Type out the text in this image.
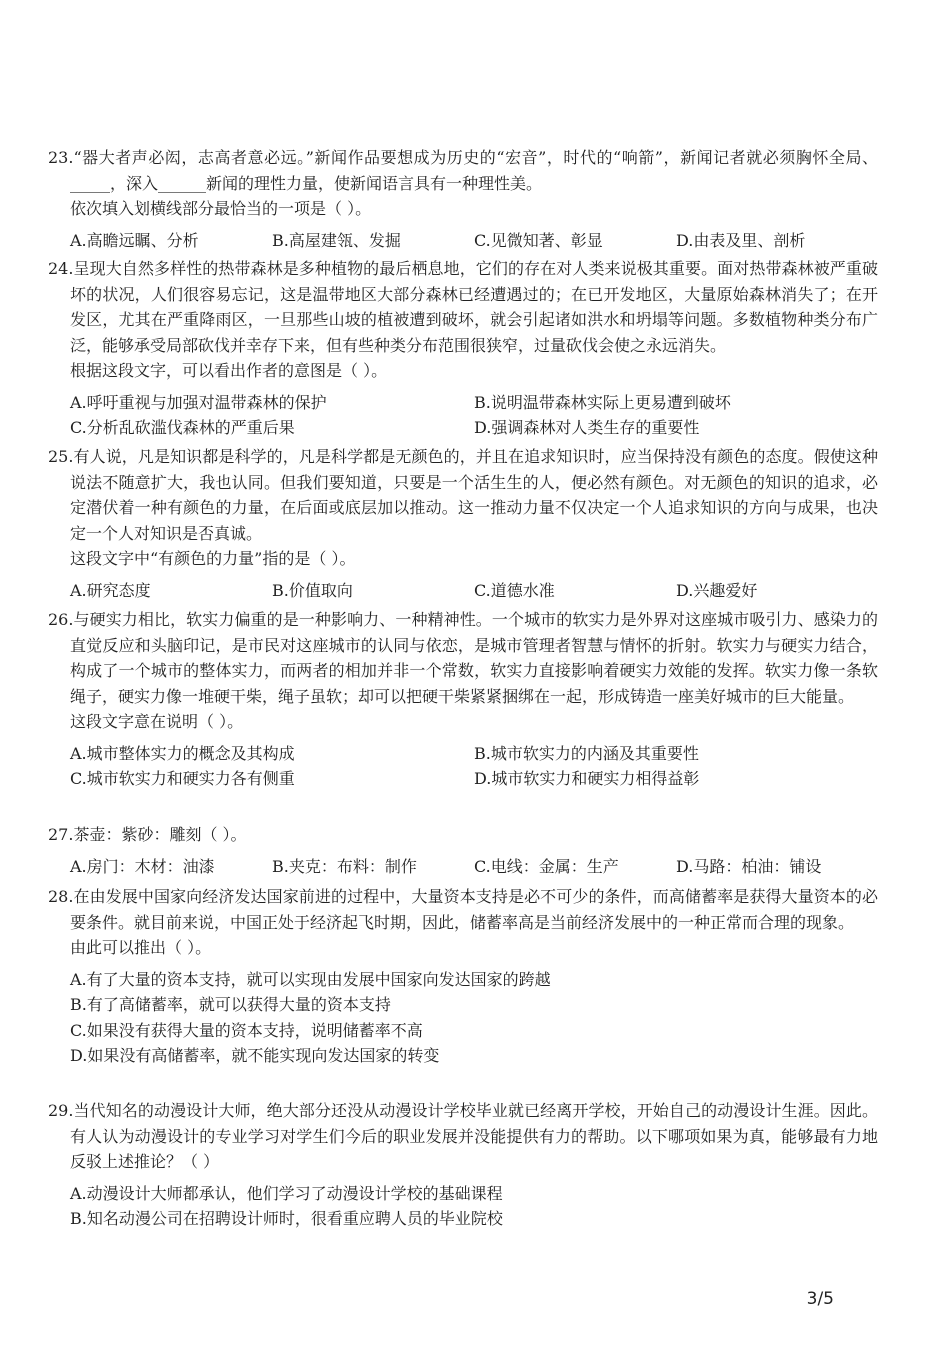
23.“器大者声必闳，志高者意必远。”新闻作品要想成为历史的“宏音”，时代的“响箭”，新闻记者就必须胸怀全局、_____，深入______新闻的理性力量，使新闻语言具有一种理性美。

依次填入划横线部分最恰当的一项是（ ）。

A.高瞻远瞩、分析	B.高屋建瓴、发掘	C.见微知著、彰显	D.由表及里、剖析

24.呈现大自然多样性的热带森林是多种植物的最后栖息地，它们的存在对人类来说极其重要。面对热带森林被严重破坏的状况，人们很容易忘记，这是温带地区大部分森林已经遭遇过的；在已开发地区，大量原始森林消失了；在开发区，尤其在严重降雨区，一旦那些山坡的植被遭到破坏，就会引起诸如洪水和坍塌等问题。多数植物种类分布广泛，能够承受局部砍伐并幸存下来，但有些种类分布范围很狭窄，过量砍伐会使之永远消失。

根据这段文字，可以看出作者的意图是（ ）。

A.呼吁重视与加强对温带森林的保护	B.说明温带森林实际上更易遭到破坏
C.分析乱砍滥伐森林的严重后果	D.强调森林对人类生存的重要性

25.有人说，凡是知识都是科学的，凡是科学都是无颜色的，并且在追求知识时，应当保持没有颜色的态度。假使这种说法不随意扩大，我也认同。但我们要知道，只要是一个活生生的人，便必然有颜色。对无颜色的知识的追求，必定潜伏着一种有颜色的力量，在后面或底层加以推动。这一推动力量不仅决定一个人追求知识的方向与成果，也决定一个人对知识是否真诚。

这段文字中“有颜色的力量”指的是（ ）。

A.研究态度	B.价值取向	C.道德水准	D.兴趣爱好

26.与硬实力相比，软实力偏重的是一种影响力、一种精神性。一个城市的软实力是外界对这座城市吸引力、感染力的直觉反应和头脑印记，是市民对这座城市的认同与依恋，是城市管理者智慧与情怀的折射。软实力与硬实力结合，构成了一个城市的整体实力，而两者的相加并非一个常数，软实力直接影响着硬实力效能的发挥。软实力像一条软绳子，硬实力像一堆硬干柴，绳子虽软；却可以把硬干柴紧紧捆绑在一起，形成铸造一座美好城市的巨大能量。

这段文字意在说明（ ）。

A.城市整体实力的概念及其构成	B.城市软实力的内涵及其重要性
C.城市软实力和硬实力各有侧重	D.城市软实力和硬实力相得益彰

27.茶壶：紫砂：雕刻（ ）。

A.房门：木材：油漆	B.夹克：布料：制作	C.电线：金属：生产	D.马路：柏油：铺设

28.在由发展中国家向经济发达国家前进的过程中，大量资本支持是必不可少的条件，而高储蓄率是获得大量资本的必要条件。就目前来说，中国正处于经济起飞时期，因此，储蓄率高是当前经济发展中的一种正常而合理的现象。

由此可以推出（ ）。

A.有了大量的资本支持，就可以实现由发展中国家向发达国家的跨越
B.有了高储蓄率，就可以获得大量的资本支持
C.如果没有获得大量的资本支持，说明储蓄率不高
D.如果没有高储蓄率，就不能实现向发达国家的转变

29.当代知名的动漫设计大师，绝大部分还没从动漫设计学校毕业就已经离开学校，开始自己的动漫设计生涯。因此。有人认为动漫设计的专业学习对学生们今后的职业发展并没能提供有力的帮助。以下哪项如果为真，能够最有力地反驳上述推论？（ ）

A.动漫设计大师都承认，他们学习了动漫设计学校的基础课程
B.知名动漫公司在招聘设计师时，很看重应聘人员的毕业院校
3/5
